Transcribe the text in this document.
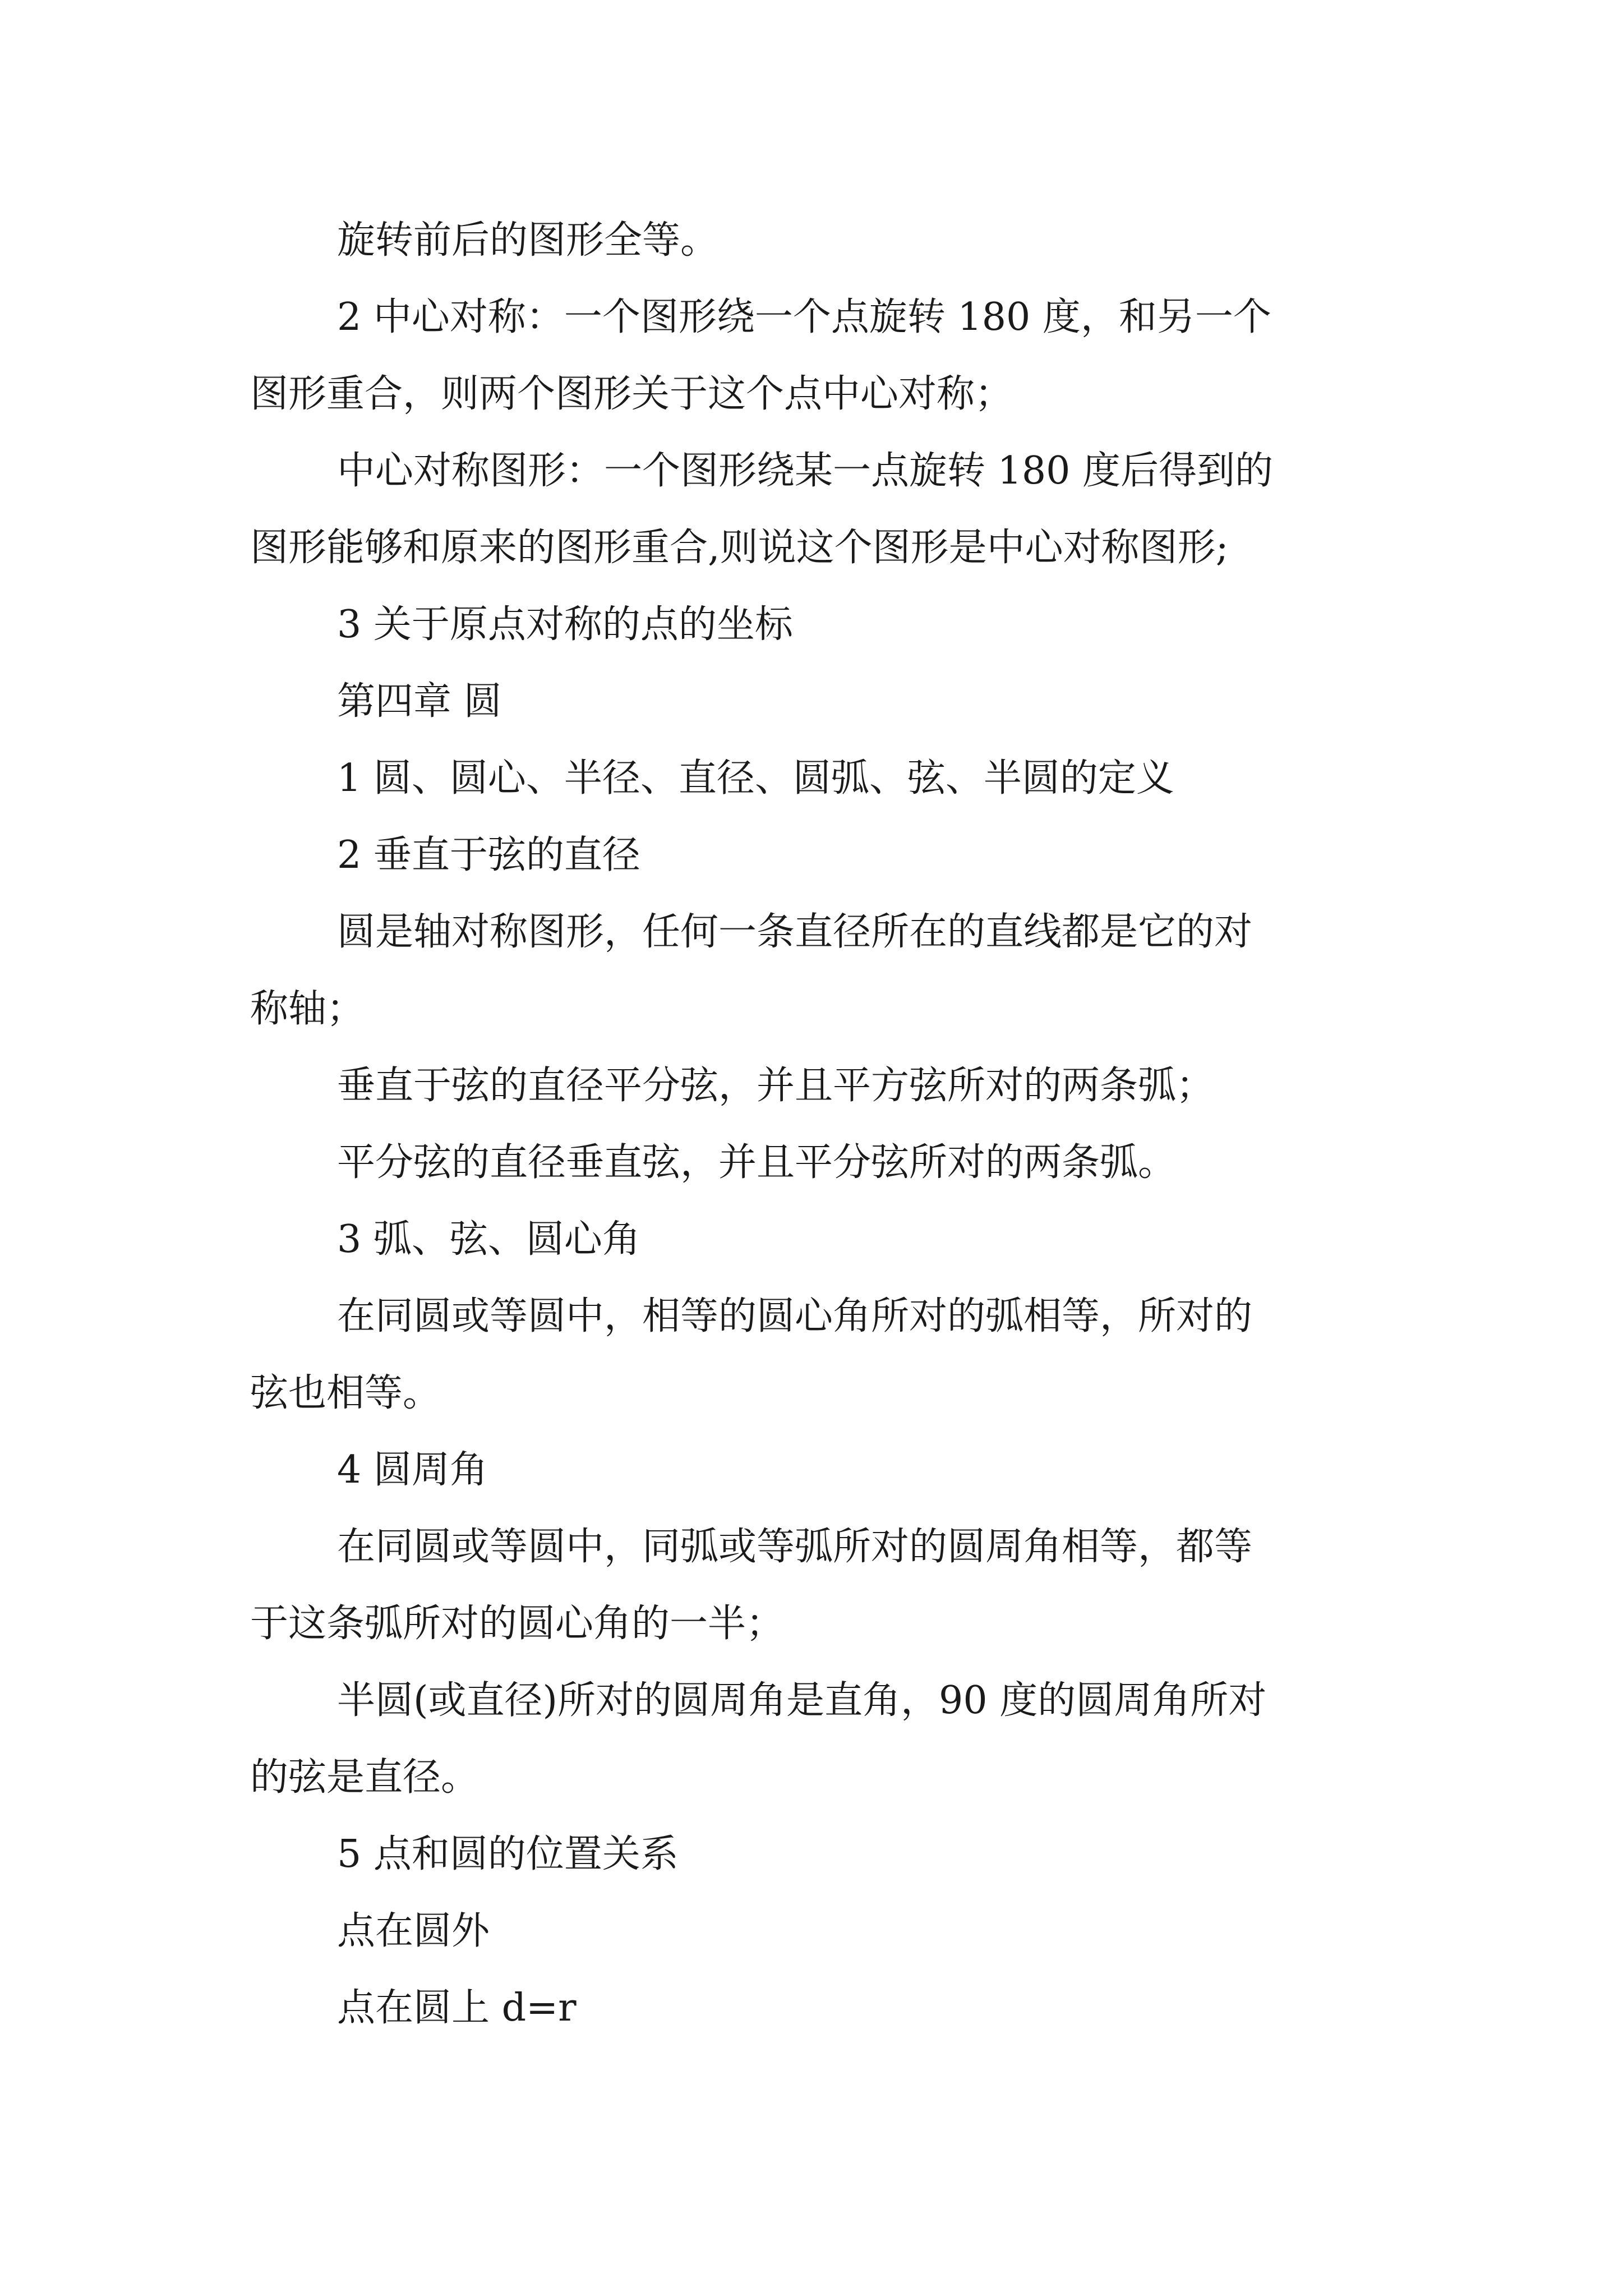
旋转前后的图形全等。

2 中心对称：一个图形绕一个点旋转 180 度，和另一个
图形重合，则两个图形关于这个点中心对称；

中心对称图形：一个图形绕某一点旋转 180 度后得到的
图形能够和原来的图形重合,则说这个图形是中心对称图形;

3 关于原点对称的点的坐标

第四章 圆

1 圆、圆心、半径、直径、圆弧、弦、半圆的定义

2 垂直于弦的直径

圆是轴对称图形，任何一条直径所在的直线都是它的对
称轴；

垂直于弦的直径平分弦，并且平方弦所对的两条弧；

平分弦的直径垂直弦，并且平分弦所对的两条弧。

3 弧、弦、圆心角

在同圆或等圆中，相等的圆心角所对的弧相等，所对的
弦也相等。

4 圆周角

在同圆或等圆中，同弧或等弧所对的圆周角相等，都等
于这条弧所对的圆心角的一半；

半圆(或直径)所对的圆周角是直角，90 度的圆周角所对
的弦是直径。

5 点和圆的位置关系

点在圆外

点在圆上 d=r
